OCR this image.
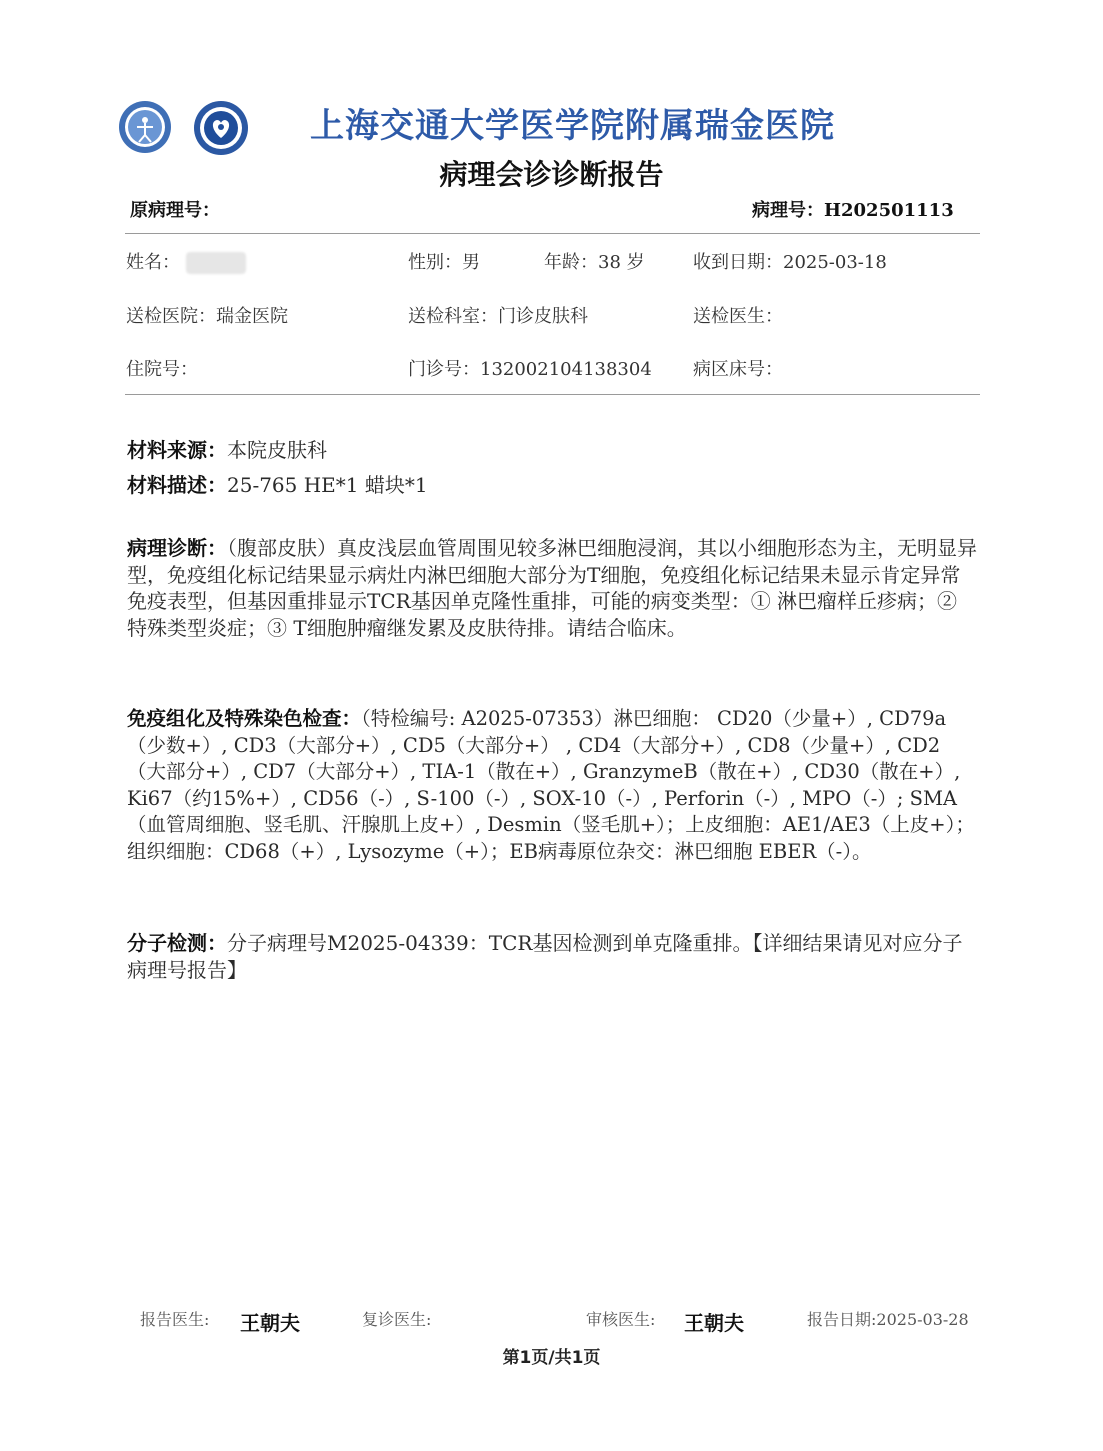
上海交通大学医学院附属瑞金医院
病理会诊诊断报告
原病理号：	病理号：H202501113
姓名：	性别：男	年龄：38 岁	收到日期：2025-03-18
送检医院：瑞金医院	送检科室：门诊皮肤科	送检医生：
住院号：	门诊号：132002104138304 病区床号：
材料来源：本院皮肤科
材料描述：25-765 HE*1 蜡块*1
病理诊断：（腹部皮肤）真皮浅层血管周围见较多淋巴细胞浸润，其以小细胞形态为主，无明显异型，免疫组化标记结果显示病灶内淋巴细胞大部分为T细胞，免疫组化标记结果未显示肯定异常免疫表型，但基因重排显示TCR基因单克隆性重排，可能的病变类型：① 淋巴瘤样丘疹病；② 特殊类型炎症；③ T细胞肿瘤继发累及皮肤待排。请结合临床。
免疫组化及特殊染色检查：（特检编号: A2025-07353）淋巴细胞： CD20（少量+）, CD79a（少数+）, CD3（大部分+）, CD5（大部分+） , CD4（大部分+）, CD8（少量+）, CD2（大部分+）, CD7（大部分+）, TIA-1（散在+）, GranzymeB（散在+）, CD30（散在+）, Ki67（约15%+）, CD56（-）, S-100（-）, SOX-10（-）, Perforin（-）, MPO（-）; SMA（血管周细胞、竖毛肌、汗腺肌上皮+）, Desmin（竖毛肌+）；上皮细胞：AE1/AE3（上皮+）；组织细胞：CD68（+）, Lysozyme（+）；EB病毒原位杂交：淋巴细胞 EBER（-）。
分子检测：分子病理号M2025-04339：TCR基因检测到单克隆重排。【详细结果请见对应分子病理号报告】
报告医生: 王朝夫	复诊医生:	审核医生: 王朝夫	报告日期:2025-03-28
第1页/共1页
